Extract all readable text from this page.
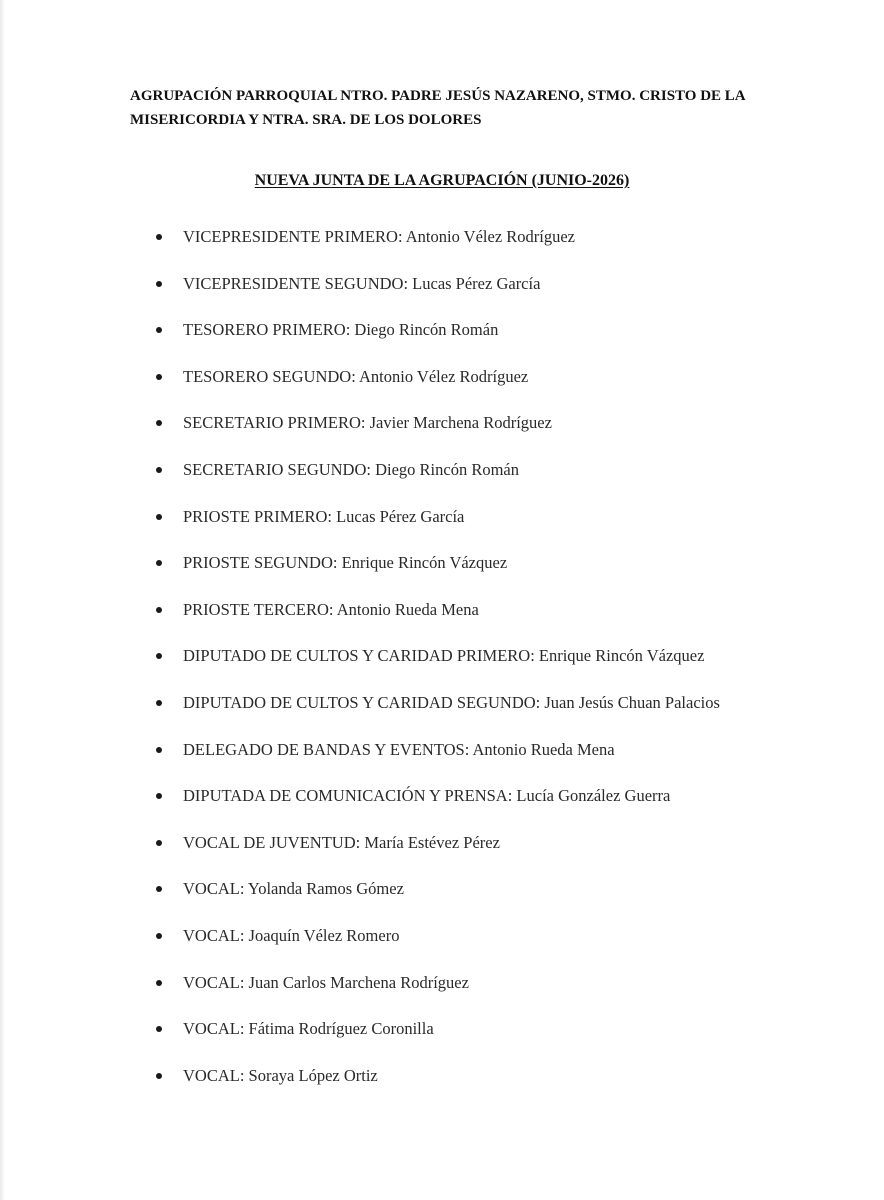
AGRUPACIÓN PARROQUIAL NTRO. PADRE JESÚS NAZARENO, STMO. CRISTO DE LA MISERICORDIA Y NTRA. SRA. DE LOS DOLORES

NUEVA JUNTA DE LA AGRUPACIÓN (JUNIO-2026)

VICEPRESIDENTE PRIMERO: Antonio Vélez Rodríguez
VICEPRESIDENTE SEGUNDO: Lucas Pérez García
TESORERO PRIMERO: Diego Rincón Román
TESORERO SEGUNDO: Antonio Vélez Rodríguez
SECRETARIO PRIMERO: Javier Marchena Rodríguez
SECRETARIO SEGUNDO: Diego Rincón Román
PRIOSTE PRIMERO: Lucas Pérez García
PRIOSTE SEGUNDO: Enrique Rincón Vázquez
PRIOSTE TERCERO: Antonio Rueda Mena
DIPUTADO DE CULTOS Y CARIDAD PRIMERO: Enrique Rincón Vázquez
DIPUTADO DE CULTOS Y CARIDAD SEGUNDO: Juan Jesús Chuan Palacios
DELEGADO DE BANDAS Y EVENTOS: Antonio Rueda Mena
DIPUTADA DE COMUNICACIÓN Y PRENSA: Lucía González Guerra
VOCAL DE JUVENTUD: María Estévez Pérez
VOCAL: Yolanda Ramos Gómez
VOCAL: Joaquín Vélez Romero
VOCAL: Juan Carlos Marchena Rodríguez
VOCAL: Fátima Rodríguez Coronilla
VOCAL: Soraya López Ortiz
